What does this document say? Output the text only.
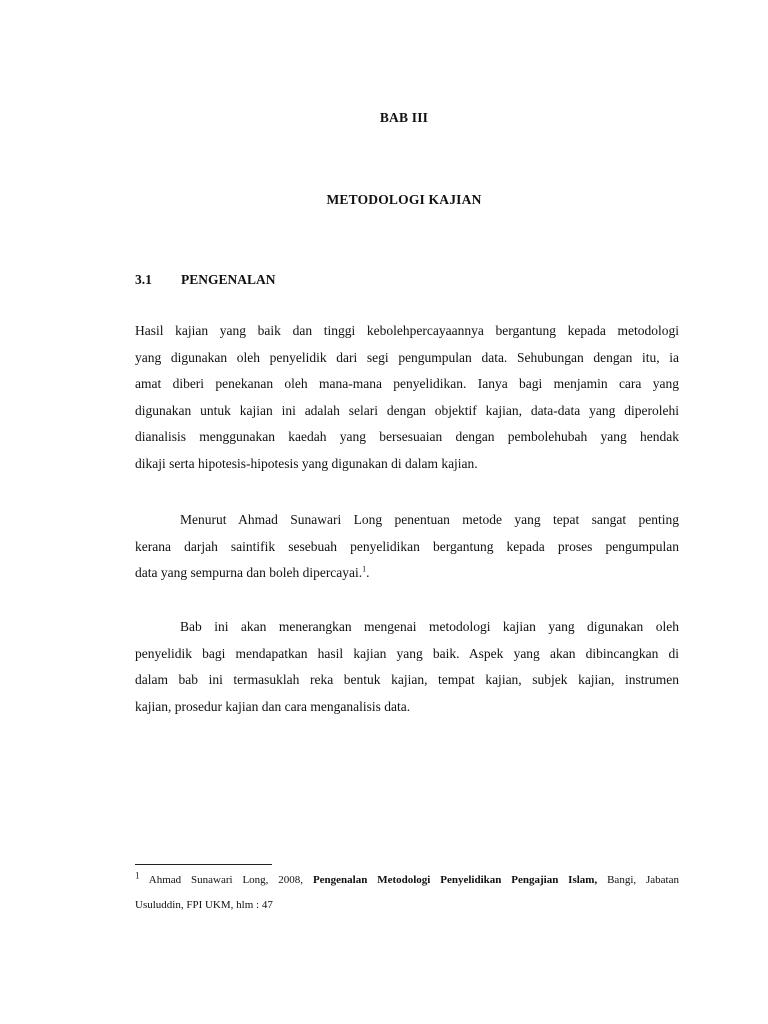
BAB III
METODOLOGI KAJIAN
3.1 PENGENALAN

Hasil kajian yang baik dan tinggi kebolehpercayaannya bergantung kepada metodologi
yang digunakan oleh penyelidik dari segi pengumpulan data. Sehubungan dengan itu, ia
amat diberi penekanan oleh mana-mana penyelidikan. Ianya bagi menjamin cara yang
digunakan untuk kajian ini adalah selari dengan objektif kajian, data-data yang diperolehi
dianalisis menggunakan kaedah yang bersesuaian dengan pembolehubah yang hendak
dikaji serta hipotesis-hipotesis yang digunakan di dalam kajian.

Menurut Ahmad Sunawari Long penentuan metode yang tepat sangat penting
kerana darjah saintifik sesebuah penyelidikan bergantung kepada proses pengumpulan
data yang sempurna dan boleh dipercayai.$^1$.

Bab ini akan menerangkan mengenai metodologi kajian yang digunakan oleh
penyelidik bagi mendapatkan hasil kajian yang baik. Aspek yang akan dibincangkan di
dalam bab ini termasuklah reka bentuk kajian, tempat kajian, subjek kajian, instrumen
kajian, prosedur kajian dan cara menganalisis data.

$^1$ Ahmad Sunawari Long, 2008, Pengenalan Metodologi Penyelidikan Pengajian Islam, Bangi, Jabatan
Usuluddin, FPI UKM, hlm : 47
